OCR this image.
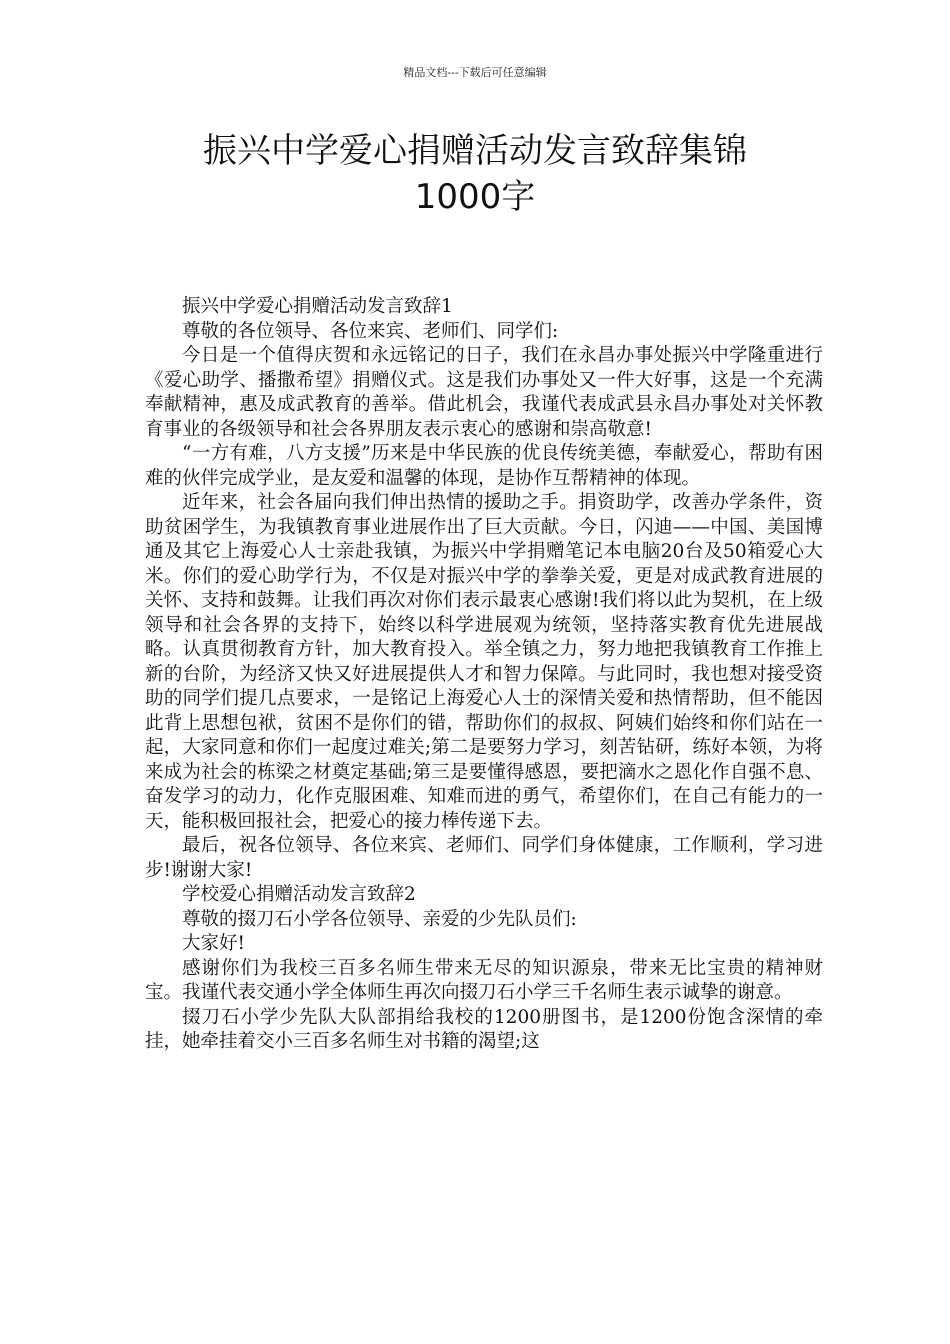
精品文档---下载后可任意编辑
振兴中学爱心捐赠活动发言致辞集锦
1000字

振兴中学爱心捐赠活动发言致辞1

尊敬的各位领导、各位来宾、老师们、同学们:

今日是一个值得庆贺和永远铭记的日子，我们在永昌办事处振兴中学隆重进行《爱心助学、播撒希望》捐赠仪式。这是我们办事处又一件大好事，这是一个充满奉献精神，惠及成武教育的善举。借此机会，我谨代表成武县永昌办事处对关怀教育事业的各级领导和社会各界朋友表示衷心的感谢和崇高敬意!

“一方有难，八方支援”历来是中华民族的优良传统美德，奉献爱心，帮助有困难的伙伴完成学业，是友爱和温馨的体现，是协作互帮精神的体现。

近年来，社会各届向我们伸出热情的援助之手。捐资助学，改善办学条件，资助贫困学生，为我镇教育事业进展作出了巨大贡献。今日，闪迪——中国、美国博通及其它上海爱心人士亲赴我镇，为振兴中学捐赠笔记本电脑20台及50箱爱心大米。你们的爱心助学行为，不仅是对振兴中学的拳拳关爱，更是对成武教育进展的关怀、支持和鼓舞。让我们再次对你们表示最衷心感谢!我们将以此为契机，在上级领导和社会各界的支持下，始终以科学进展观为统领，坚持落实教育优先进展战略。认真贯彻教育方针，加大教育投入。举全镇之力，努力地把我镇教育工作推上新的台阶，为经济又快又好进展提供人才和智力保障。与此同时，我也想对接受资助的同学们提几点要求，一是铭记上海爱心人士的深情关爱和热情帮助，但不能因此背上思想包袱，贫困不是你们的错，帮助你们的叔叔、阿姨们始终和你们站在一起，大家同意和你们一起度过难关;第二是要努力学习，刻苦钻研，练好本领，为将来成为社会的栋梁之材奠定基础;第三是要懂得感恩，要把滴水之恩化作自强不息、奋发学习的动力，化作克服困难、知难而进的勇气，希望你们，在自己有能力的一天，能积极回报社会，把爱心的接力棒传递下去。

最后，祝各位领导、各位来宾、老师们、同学们身体健康，工作顺利，学习进步!谢谢大家!

学校爱心捐赠活动发言致辞2

尊敬的掇刀石小学各位领导、亲爱的少先队员们:

大家好!

感谢你们为我校三百多名师生带来无尽的知识源泉，带来无比宝贵的精神财宝。我谨代表交通小学全体师生再次向掇刀石小学三千名师生表示诚挚的谢意。

掇刀石小学少先队大队部捐给我校的1200册图书，是1200份饱含深情的牵挂，她牵挂着交小三百多名师生对书籍的渴望;这
